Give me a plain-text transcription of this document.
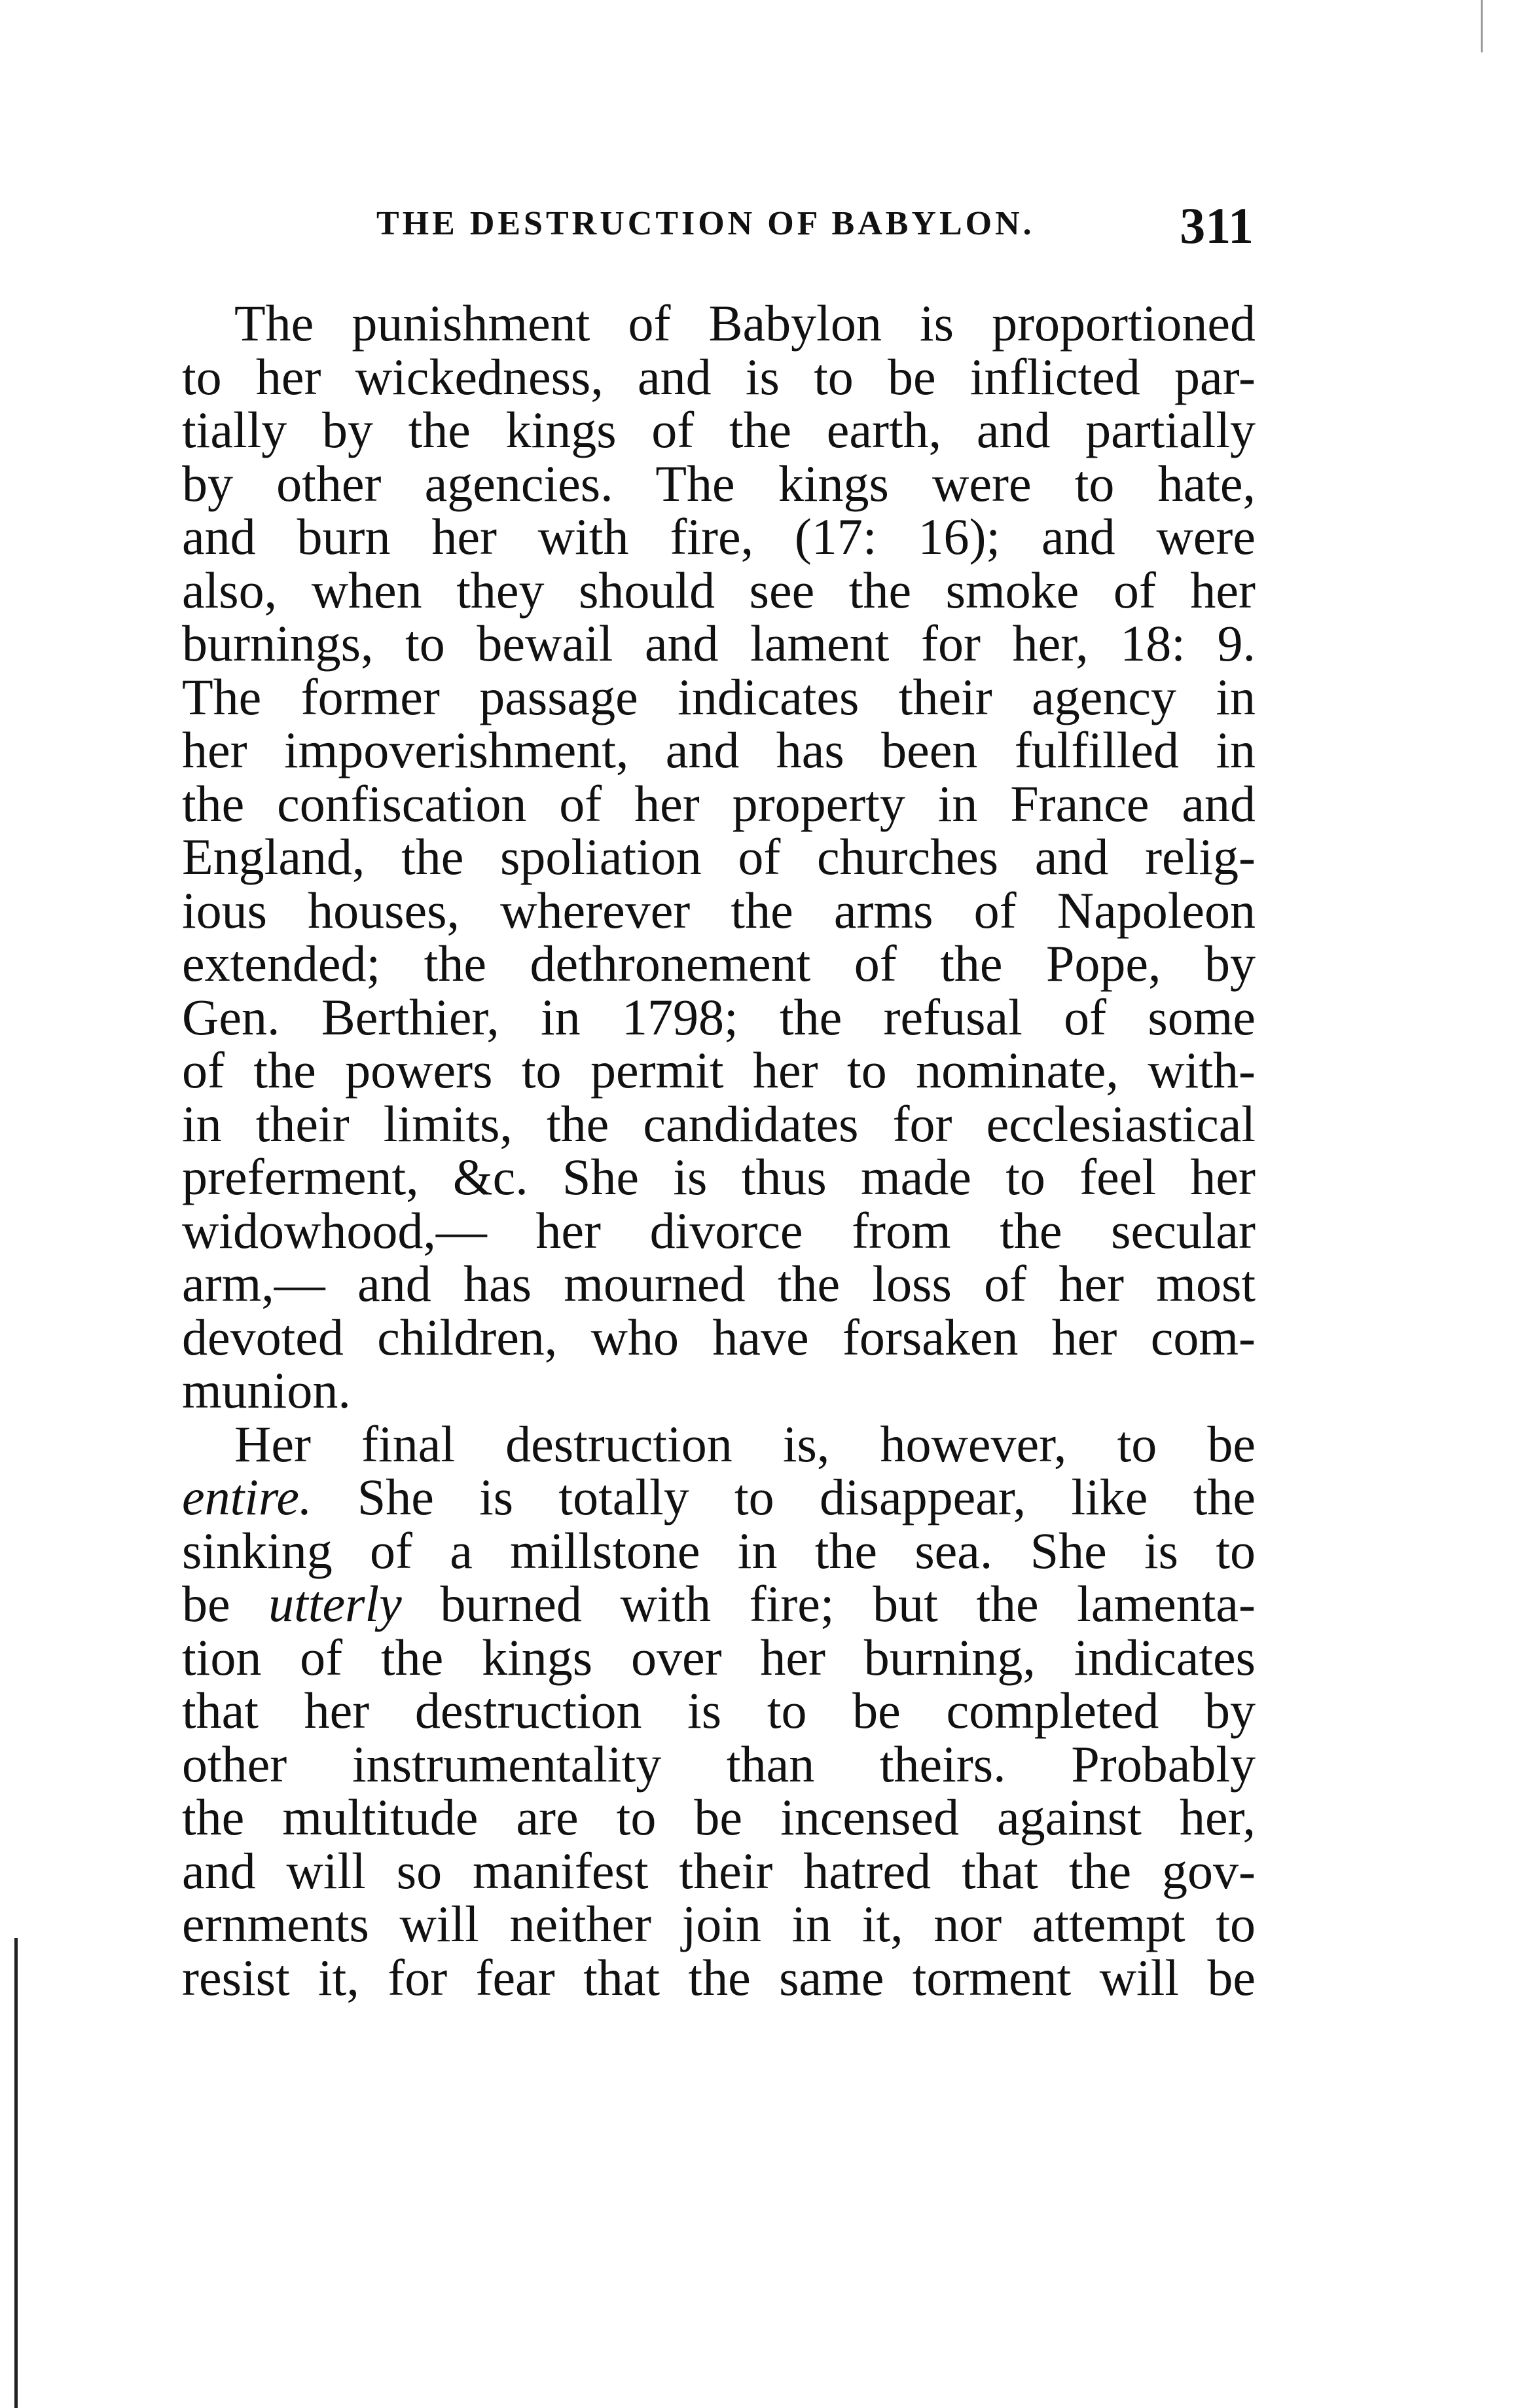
THE DESTRUCTION OF BABYLON.	311
The punishment of Babylon is proportioned
to her wickedness, and is to be inflicted par-
tially by the kings of the earth, and partially
by other agencies. The kings were to hate,
and burn her with fire, (17: 16); and were
also, when they should see the smoke of her
burnings, to bewail and lament for her, 18: 9.
The former passage indicates their agency in
her impoverishment, and has been fulfilled in
the confiscation of her property in France and
England, the spoliation of churches and relig-
ious houses, wherever the arms of Napoleon
extended; the dethronement of the Pope, by
Gen. Berthier, in 1798; the refusal of some
of the powers to permit her to nominate, with-
in their limits, the candidates for ecclesiastical
preferment, &c. She is thus made to feel her
widowhood,— her divorce from the secular
arm,— and has mourned the loss of her most
devoted children, who have forsaken her com-
munion.
Her final destruction is, however, to be
entire. She is totally to disappear, like the
sinking of a millstone in the sea. She is to
be utterly burned with fire; but the lamenta-
tion of the kings over her burning, indicates
that her destruction is to be completed by
other instrumentality than theirs. Probably
the multitude are to be incensed against her,
and will so manifest their hatred that the gov-
ernments will neither join in it, nor attempt to
resist it, for fear that the same torment will be
